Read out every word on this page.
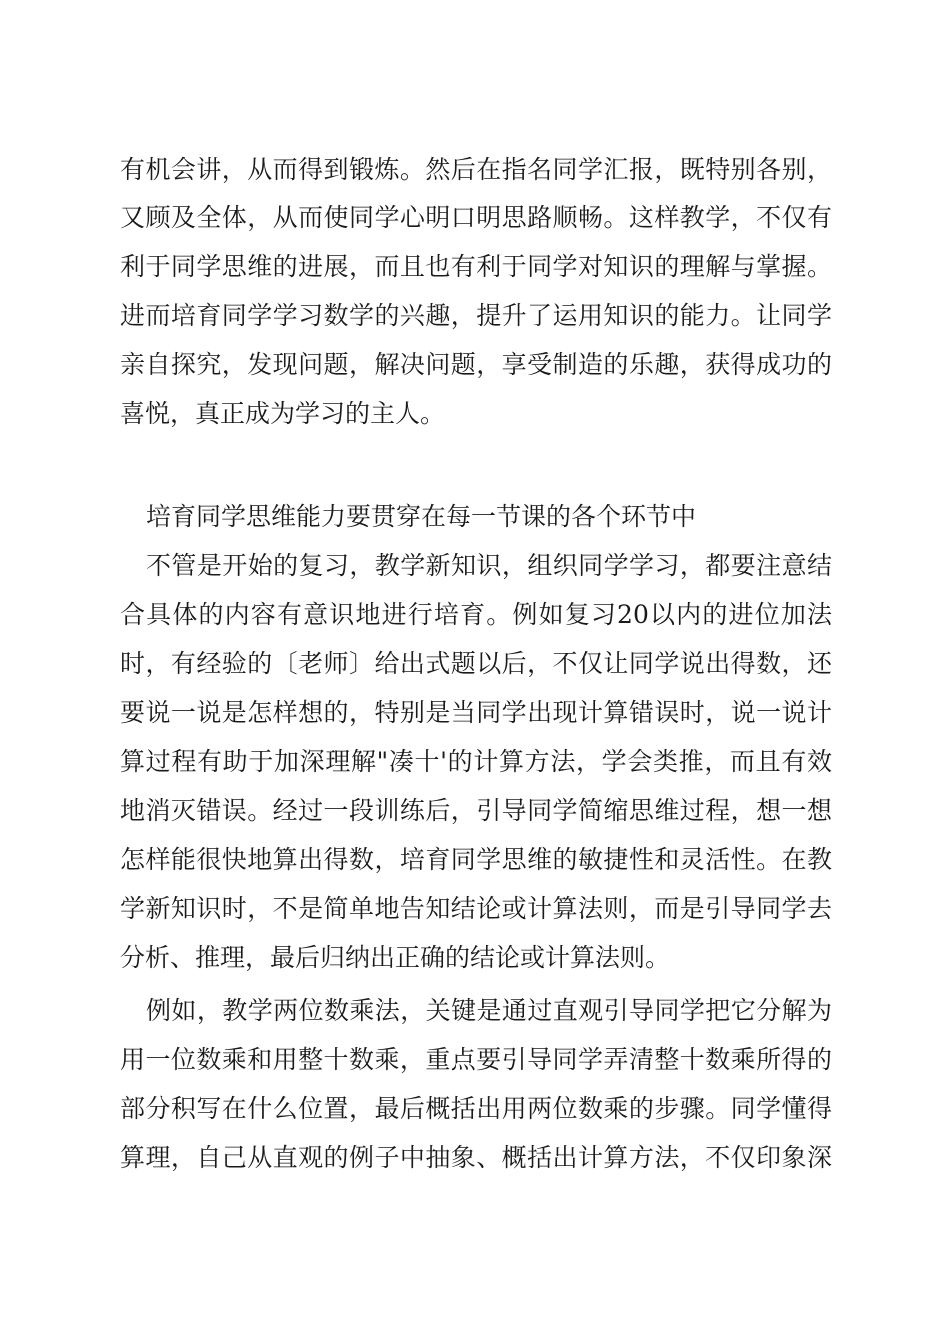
有机会讲，从而得到锻炼。然后在指名同学汇报，既特别各别，
又顾及全体，从而使同学心明口明思路顺畅。这样教学，不仅有
利于同学思维的进展，而且也有利于同学对知识的理解与掌握。
进而培育同学学习数学的兴趣，提升了运用知识的能力。让同学
亲自探究，发现问题，解决问题，享受制造的乐趣，获得成功的
喜悦，真正成为学习的主人。
培育同学思维能力要贯穿在每一节课的各个环节中
不管是开始的复习，教学新知识，组织同学学习，都要注意结
合具体的内容有意识地进行培育。例如复习20以内的进位加法
时，有经验的〔老师〕给出式题以后，不仅让同学说出得数，还
要说一说是怎样想的，特别是当同学出现计算错误时，说一说计
算过程有助于加深理解"凑十'的计算方法，学会类推，而且有效
地消灭错误。经过一段训练后，引导同学简缩思维过程，想一想
怎样能很快地算出得数，培育同学思维的敏捷性和灵活性。在教
学新知识时，不是简单地告知结论或计算法则，而是引导同学去
分析、推理，最后归纳出正确的结论或计算法则。
例如，教学两位数乘法，关键是通过直观引导同学把它分解为
用一位数乘和用整十数乘，重点要引导同学弄清整十数乘所得的
部分积写在什么位置，最后概括出用两位数乘的步骤。同学懂得
算理，自己从直观的例子中抽象、概括出计算方法，不仅印象深
